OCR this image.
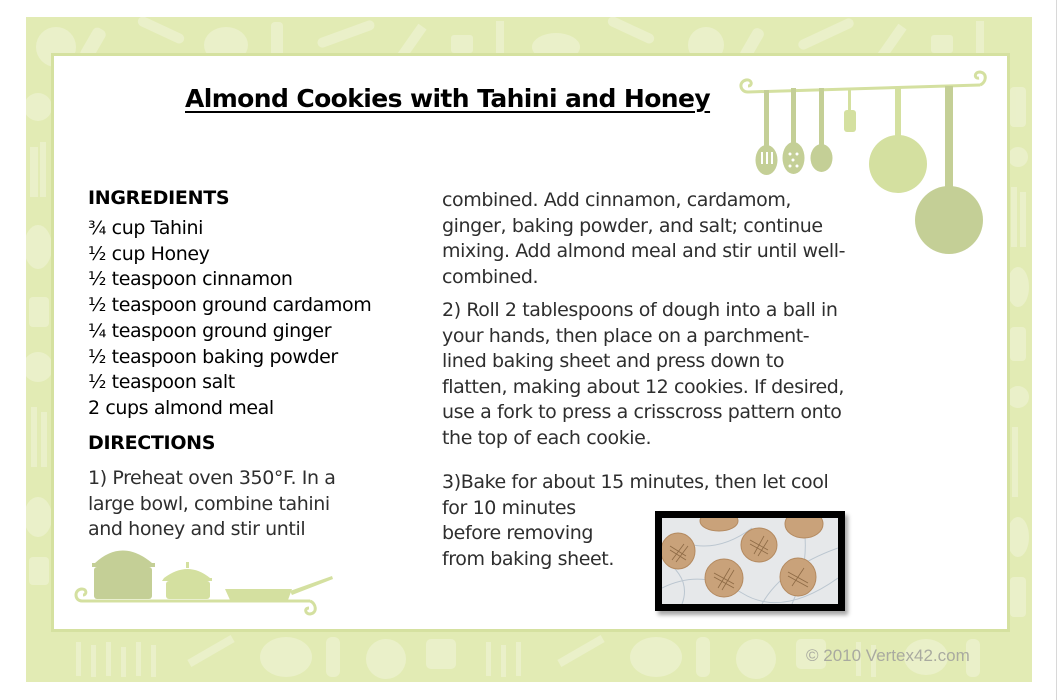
Almond Cookies with Tahini and Honey
INGREDIENTS
¾ cup Tahini
½ cup Honey
½ teaspoon cinnamon
½ teaspoon ground cardamom
¼ teaspoon ground ginger
½ teaspoon baking powder
½ teaspoon salt
2 cups almond meal
DIRECTIONS
1) Preheat oven 350°F. In a
large bowl, combine tahini
and honey and stir until
combined. Add cinnamon, cardamom,
ginger, baking powder, and salt; continue
mixing. Add almond meal and stir until well-
combined.
2) Roll 2 tablespoons of dough into a ball in
your hands, then place on a parchment-
lined baking sheet and press down to
flatten, making about 12 cookies. If desired,
use a fork to press a crisscross pattern onto
the top of each cookie.
3)Bake for about 15 minutes, then let cool
for 10 minutes
before removing
from baking sheet.
© 2010 Vertex42.com
